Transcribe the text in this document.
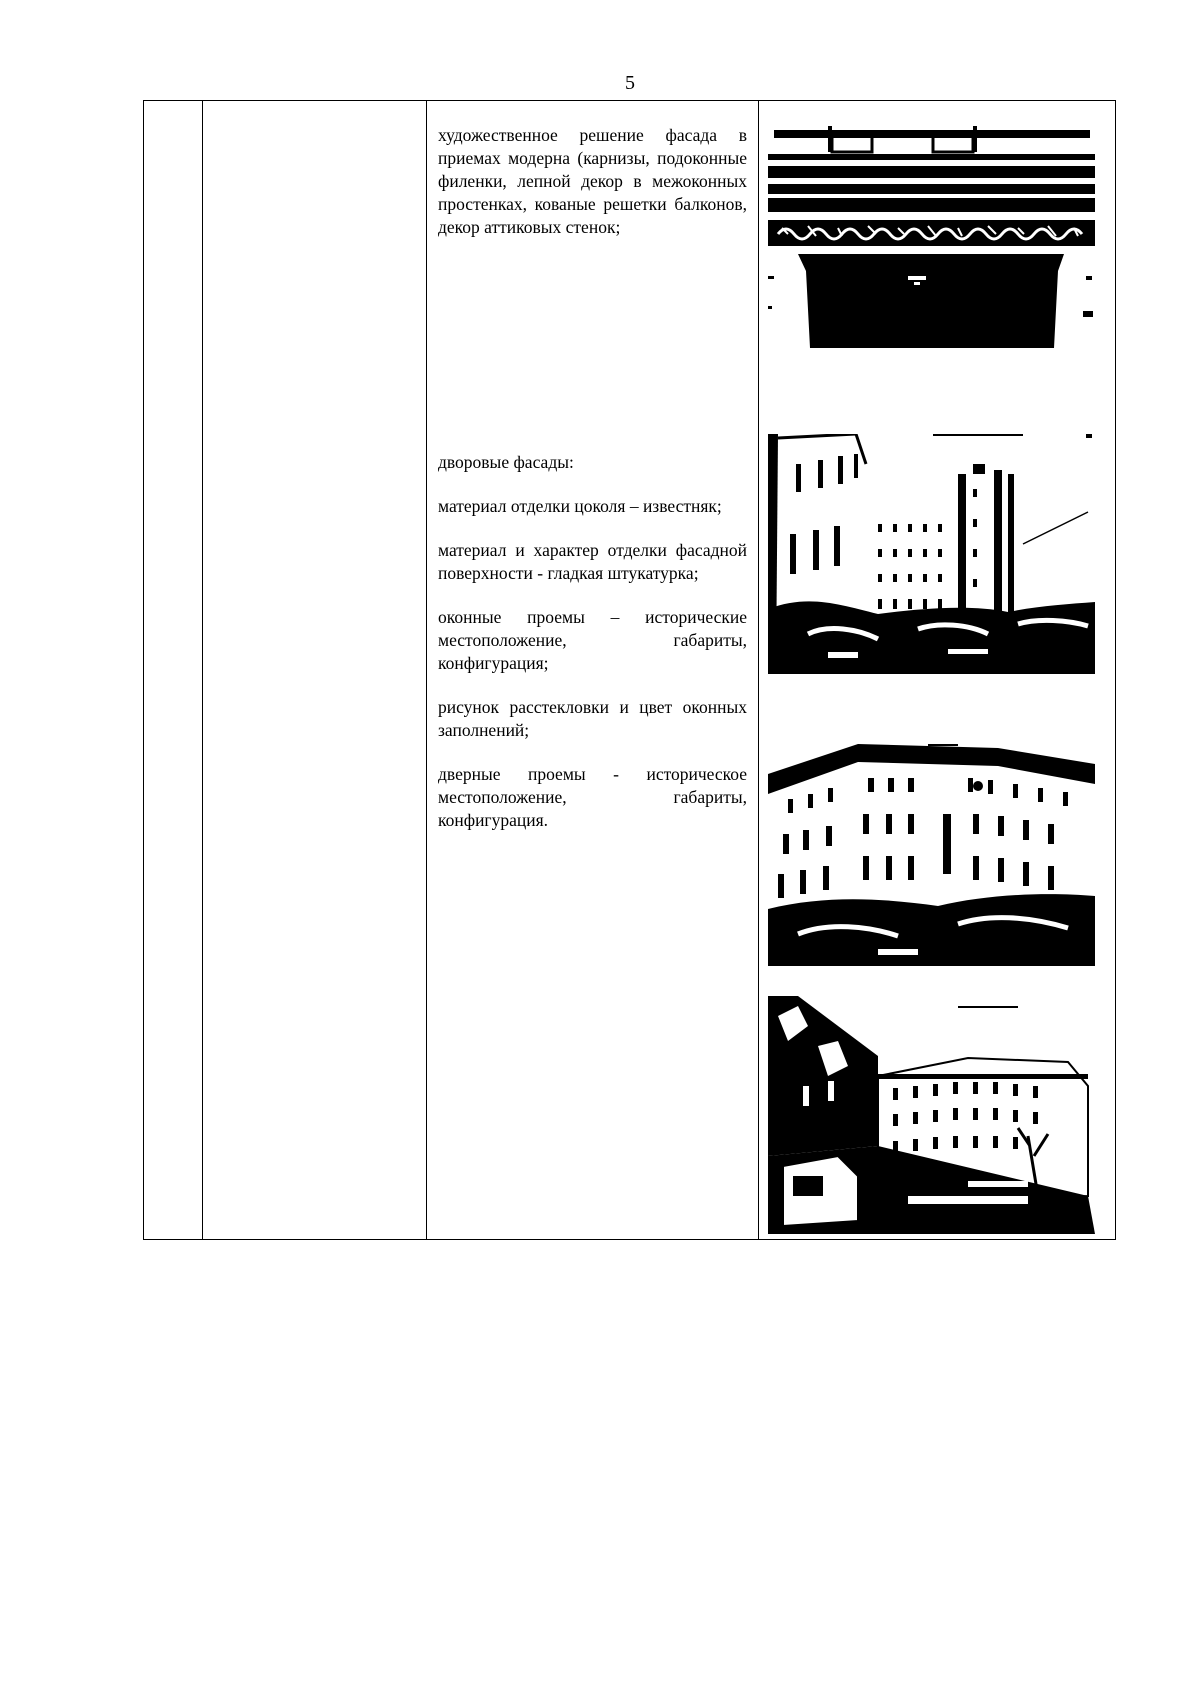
5

художественное решение фасада в приемах модерна (карнизы, подоконные филенки, лепной декор в межоконных простенках, кованые решетки балконов, декор аттиковых стенок;

дворовые фасады:

материал отделки цоколя – известняк;

материал и характер отделки фасадной поверхности - гладкая штукатурка;

оконные проемы – исторические местоположение, габариты, конфигурация;

рисунок расстекловки и цвет оконных заполнений;

дверные проемы - историческое местоположение, габариты, конфигурация.
